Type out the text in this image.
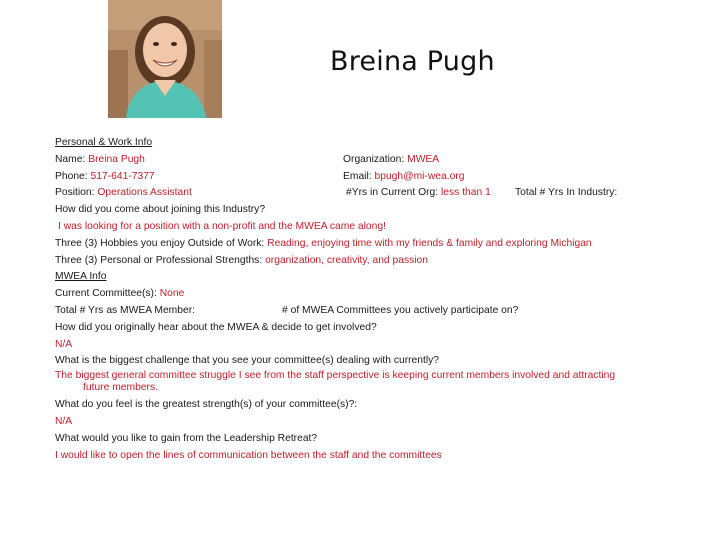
Breina Pugh
Personal & Work Info
Name: Breina Pugh	Organization: MWEA
Phone: 517-641-7377	Email: bpugh@mi-wea.org
Position: Operations Assistant	#Yrs in Current Org: less than 1 Total # Yrs In Industry:
How did you come about joining this Industry?
I was looking for a position with a non-profit and the MWEA came along!
Three (3) Hobbies you enjoy Outside of Work: Reading, enjoying time with my friends & family and exploring Michigan
Three (3) Personal or Professional Strengths: organization, creativity, and passion
MWEA Info
Current Committee(s): None
Total # Yrs as MWEA Member:	# of MWEA Committees you actively participate on?
How did you originally hear about the MWEA & decide to get involved?
N/A
What is the biggest challenge that you see your committee(s) dealing with currently?
The biggest general committee struggle I see from the staff perspective is keeping current members involved and attracting
future members.
What do you feel is the greatest strength(s) of your committee(s)?:
N/A
What would you like to gain from the Leadership Retreat?
I would like to open the lines of communication between the staff and the committees
